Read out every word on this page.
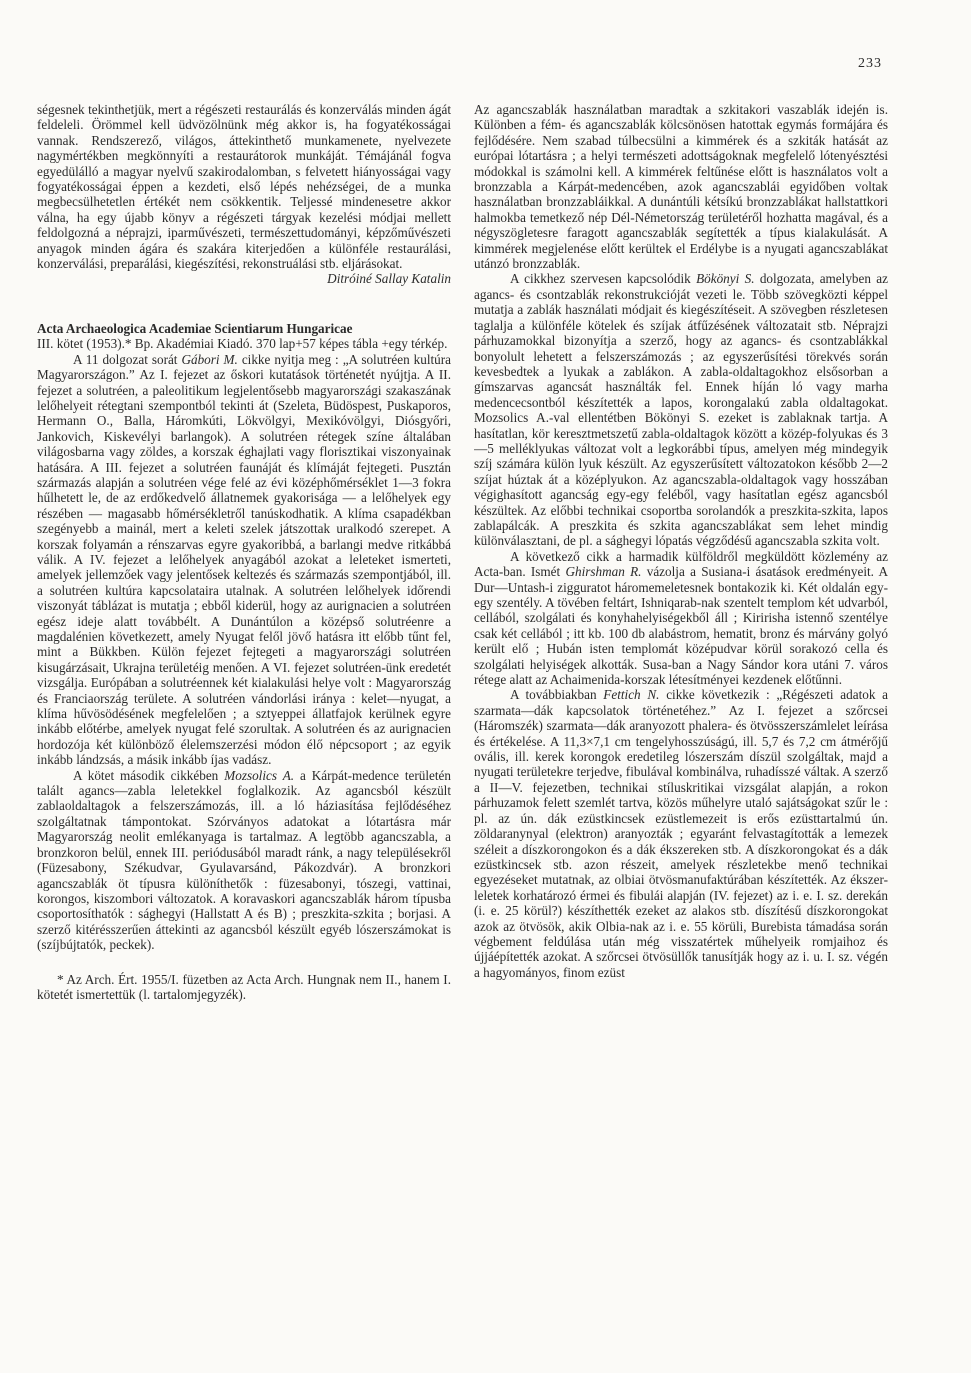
233

ségesnek tekinthetjük, mert a régészeti restaurálás és konzerválás minden ágát feldeleli. Örömmel kell üdvözölnünk még akkor is, ha fogyatékosságai vannak. Rendszerező, világos, áttekinthető munkamenete, nyelvezete nagymértékben megkönnyíti a restaurátorok munkáját. Témájánál fogva egyedülálló a magyar nyelvű szakirodalomban, s felvetett hiányosságai vagy fogyatékosságai éppen a kezdeti, első lépés nehézségei, de a munka megbecsülhetetlen értékét nem csökkentik. Teljessé mindenesetre akkor válna, ha egy újabb könyv a régészeti tárgyak kezelési módjai mellett feldolgozná a néprajzi, iparművészeti, természettudományi, képzőművészeti anyagok minden ágára és szakára kiterjedően a különféle restaurálási, konzerválási, preparálási, kiegészítési, rekonstruálási stb. eljárásokat.

Ditróiné Sallay Katalin

Acta Archaeologica Academiae Scientiarum Hungaricae
III. kötet (1953).* Bp. Akadémiai Kiadó. 370 lap+57 képes tábla +egy térkép.

A 11 dolgozat sorát Gábori M. cikke nyitja meg : „A solutréen kultúra Magyarországon.” Az I. fejezet az őskori kutatások történetét nyújtja. A II. fejezet a solutréen, a paleolitikum legjelentősebb magyarországi szakaszának lelőhelyeit rétegtani szempontból tekinti át (Szeleta, Büdöspest, Puskaporos, Hermann O., Balla, Háromkúti, Lökvölgyi, Mexikóvölgyi, Diósgyőri, Jankovich, Kiskevélyi barlangok). A solutréen rétegek színe általában világosbarna vagy zöldes, a korszak éghajlati vagy florisztikai viszonyainak hatására. A III. fejezet a solutréen faunáját és klímáját fejtegeti. Pusztán származás alapján a solutréen vége felé az évi középhőmérséklet 1—3 fokra hűlhetett le, de az erdőkedvelő állatnemek gyakorisága — a lelőhelyek egy részében — magasabb hőmérsékletről tanúskodhatik. A klíma csapadékban szegényebb a mainál, mert a keleti szelek játszottak uralkodó szerepet. A korszak folyamán a rénszarvas egyre gyakoribbá, a barlangi medve ritkábbá válik. A IV. fejezet a lelőhelyek anyagából azokat a leleteket ismerteti, amelyek jellemzőek vagy jelentősek keltezés és származás szempontjából, ill. a solutréen kultúra kapcsolataira utalnak. A solutréen lelőhelyek időrendi viszonyát táblázat is mutatja ; ebből kiderül, hogy az aurignacien a solutréen egész ideje alatt továbbélt. A Dunántúlon a középső solutréenre a magdalénien következett, amely Nyugat felől jövő hatásra itt előbb tűnt fel, mint a Bükkben. Külön fejezet fejtegeti a magyarországi solutréen kisugárzásait, Ukrajna területéig menően. A VI. fejezet solutréen-ünk eredetét vizsgálja. Európában a solutréennek két kialakulási helye volt : Magyarország és Franciaország területe. A solutréen vándorlási iránya : kelet—nyugat, a klíma hűvösödésének megfelelően ; a sztyeppei állatfajok kerülnek egyre inkább előtérbe, amelyek nyugat felé szorultak. A solutréen és az aurignacien hordozója két különböző élelemszerzési módon élő népcsoport ; az egyik inkább lándzsás, a másik inkább íjas vadász.

A kötet második cikkében Mozsolics A. a Kárpát-medence területén talált agancs—zabla leletekkel foglalkozik. Az agancsból készült zablaoldaltagok a felszerszámozás, ill. a ló háziasítása fejlődéséhez szolgáltatnak támpontokat. Szórványos adatokat a lótartásra már Magyarország neolit emlékanyaga is tartalmaz. A legtöbb agancszabla, a bronzkoron belül, ennek III. periódusából maradt ránk, a nagy településekről (Füzesabony, Székudvar, Gyulavarsánd, Pákozdvár). A bronzkori agancszablák öt típusra különíthetők : füzesabonyi, tószegi, vattinai, korongos, kiszombori változatok. A koravaskori agancszablák három típusba csoportosíthatók : sághegyi (Hallstatt A és B) ; preszkita-szkita ; borjasi. A szerző kitérésszerűen áttekinti az agancsból készült egyéb lószerszámokat is (szíjbújtatók, peckek).

* Az Arch. Ért. 1955/I. füzetben az Acta Arch. Hungnak nem II., hanem I. kötetét ismertettük (l. tartalomjegyzék).

Az agancszablák használatban maradtak a szkitakori vaszablák idején is. Különben a fém- és agancszablák kölcsönösen hatottak egymás formájára és fejlődésére. Nem szabad túlbecsülni a kimmérek és a szkiták hatását az európai lótartásra ; a helyi természeti adottságoknak megfelelő lótenyésztési módokkal is számolni kell. A kimmérek feltűnése előtt is használatos volt a bronzzabla a Kárpát-medencében, azok agancszablái egyidőben voltak használatban bronzzabláikkal. A dunántúli kétsíkú bronzzablákat hallstattkori halmokba temetkező nép Dél-Németország területéről hozhatta magával, és a négyszögletesre faragott agancszablák segítették a típus kialakulását. A kimmérek megjelenése előtt kerültek el Erdélybe is a nyugati agancszablákat utánzó bronzzablák.

A cikkhez szervesen kapcsolódik Bökönyi S. dolgozata, amelyben az agancs- és csontzablák rekonstrukcióját vezeti le. Több szövegközti képpel mutatja a zablák használati módjait és kiegészítéseit. A szövegben részletesen taglalja a különféle kötelek és szíjak átfűzésének változatait stb. Néprajzi párhuzamokkal bizonyítja a szerző, hogy az agancs- és csontzablákkal bonyolult lehetett a felszerszámozás ; az egyszerűsítési törekvés során kevesbedtek a lyukak a zablákon. A zabla-oldaltagokhoz elsősorban a gímszarvas agancsát használták fel. Ennek híján ló vagy marha medencecsontból készítették a lapos, korongalakú zabla oldaltagokat. Mozsolics A.-val ellentétben Bökönyi S. ezeket is zablaknak tartja. A hasítatlan, kör keresztmetszetű zabla-oldaltagok között a közép-folyukas és 3—5 melléklyukas változat volt a legkorábbi típus, amelyen még mindegyik szíj számára külön lyuk készült. Az egyszerűsített változatokon később 2—2 szíjat húztak át a középlyukon. Az agancszabla-oldaltagok vagy hosszában végighasított agancság egy-egy feléből, vagy hasítatlan egész agancsból készültek. Az előbbi technikai csoportba sorolandók a preszkita-szkita, lapos zablapálcák. A preszkita és szkita agancszablákat sem lehet mindig különválasztani, de pl. a sághegyi lópatás végződésű agancszabla szkita volt.

A következő cikk a harmadik külföldről megküldött közlemény az Acta-ban. Ismét Ghirshman R. vázolja a Susiana-i ásatások eredményeit. A Dur—Untash-i zigguratot háromemeletesnek bontakozik ki. Két oldalán egy-egy szentély. A tövében feltárt, Ishniqarab-nak szentelt templom két udvarból, cellából, szolgálati és konyhahelyiségekből áll ; Kiririsha istennő szentélye csak két cellából ; itt kb. 100 db alabástrom, hematit, bronz és márvány golyó került elő ; Hubán isten templomát középudvar körül sorakozó cella és szolgálati helyiségek alkották. Susa-ban a Nagy Sándor kora utáni 7. város rétege alatt az Achaimenida-korszak létesítményei kezdenek előtűnni.

A továbbiakban Fettich N. cikke következik : „Régészeti adatok a szarmata—dák kapcsolatok történetéhez.” Az I. fejezet a szőrcsei (Háromszék) szarmata—dák aranyozott phalera- és ötvösszerszámlelet leírása és értékelése. A 11,3×7,1 cm tengelyhosszúságú, ill. 5,7 és 7,2 cm átmérőjű ovális, ill. kerek korongok eredetileg lószerszám díszül szolgáltak, majd a nyugati területekre terjedve, fibulával kombinálva, ruhadísszé váltak. A szerző a II—V. fejezetben, technikai stíluskritikai vizsgálat alapján, a rokon párhuzamok felett szemlét tartva, közös műhelyre utaló sajátságokat szűr le : pl. az ún. dák ezüstkincsek ezüstlemezeit is erős ezüsttartalmú ún. zöldaranynyal (elektron) aranyozták ; egyaránt felvastagították a lemezek széleit a díszkorongokon és a dák ékszereken stb. A díszkorongokat és a dák ezüstkincsek stb. azon részeit, amelyek részletekbe menő technikai egyezéseket mutatnak, az olbiai ötvösmanufaktúrában készítették. Az ékszer-leletek korhatározó érmei és fibulái alapján (IV. fejezet) az i. e. I. sz. derekán (i. e. 25 körül?) készíthették ezeket az alakos stb. díszítésű díszkorongokat azok az ötvösök, akik Olbia-nak az i. e. 55 körüli, Burebista támadása során végbement feldúlása után még visszatértek műhelyeik romjaihoz és újjáépítették azokat. A szőrcsei ötvösüllők tanusítják hogy az i. u. I. sz. végén a hagyományos, finom ezüst
